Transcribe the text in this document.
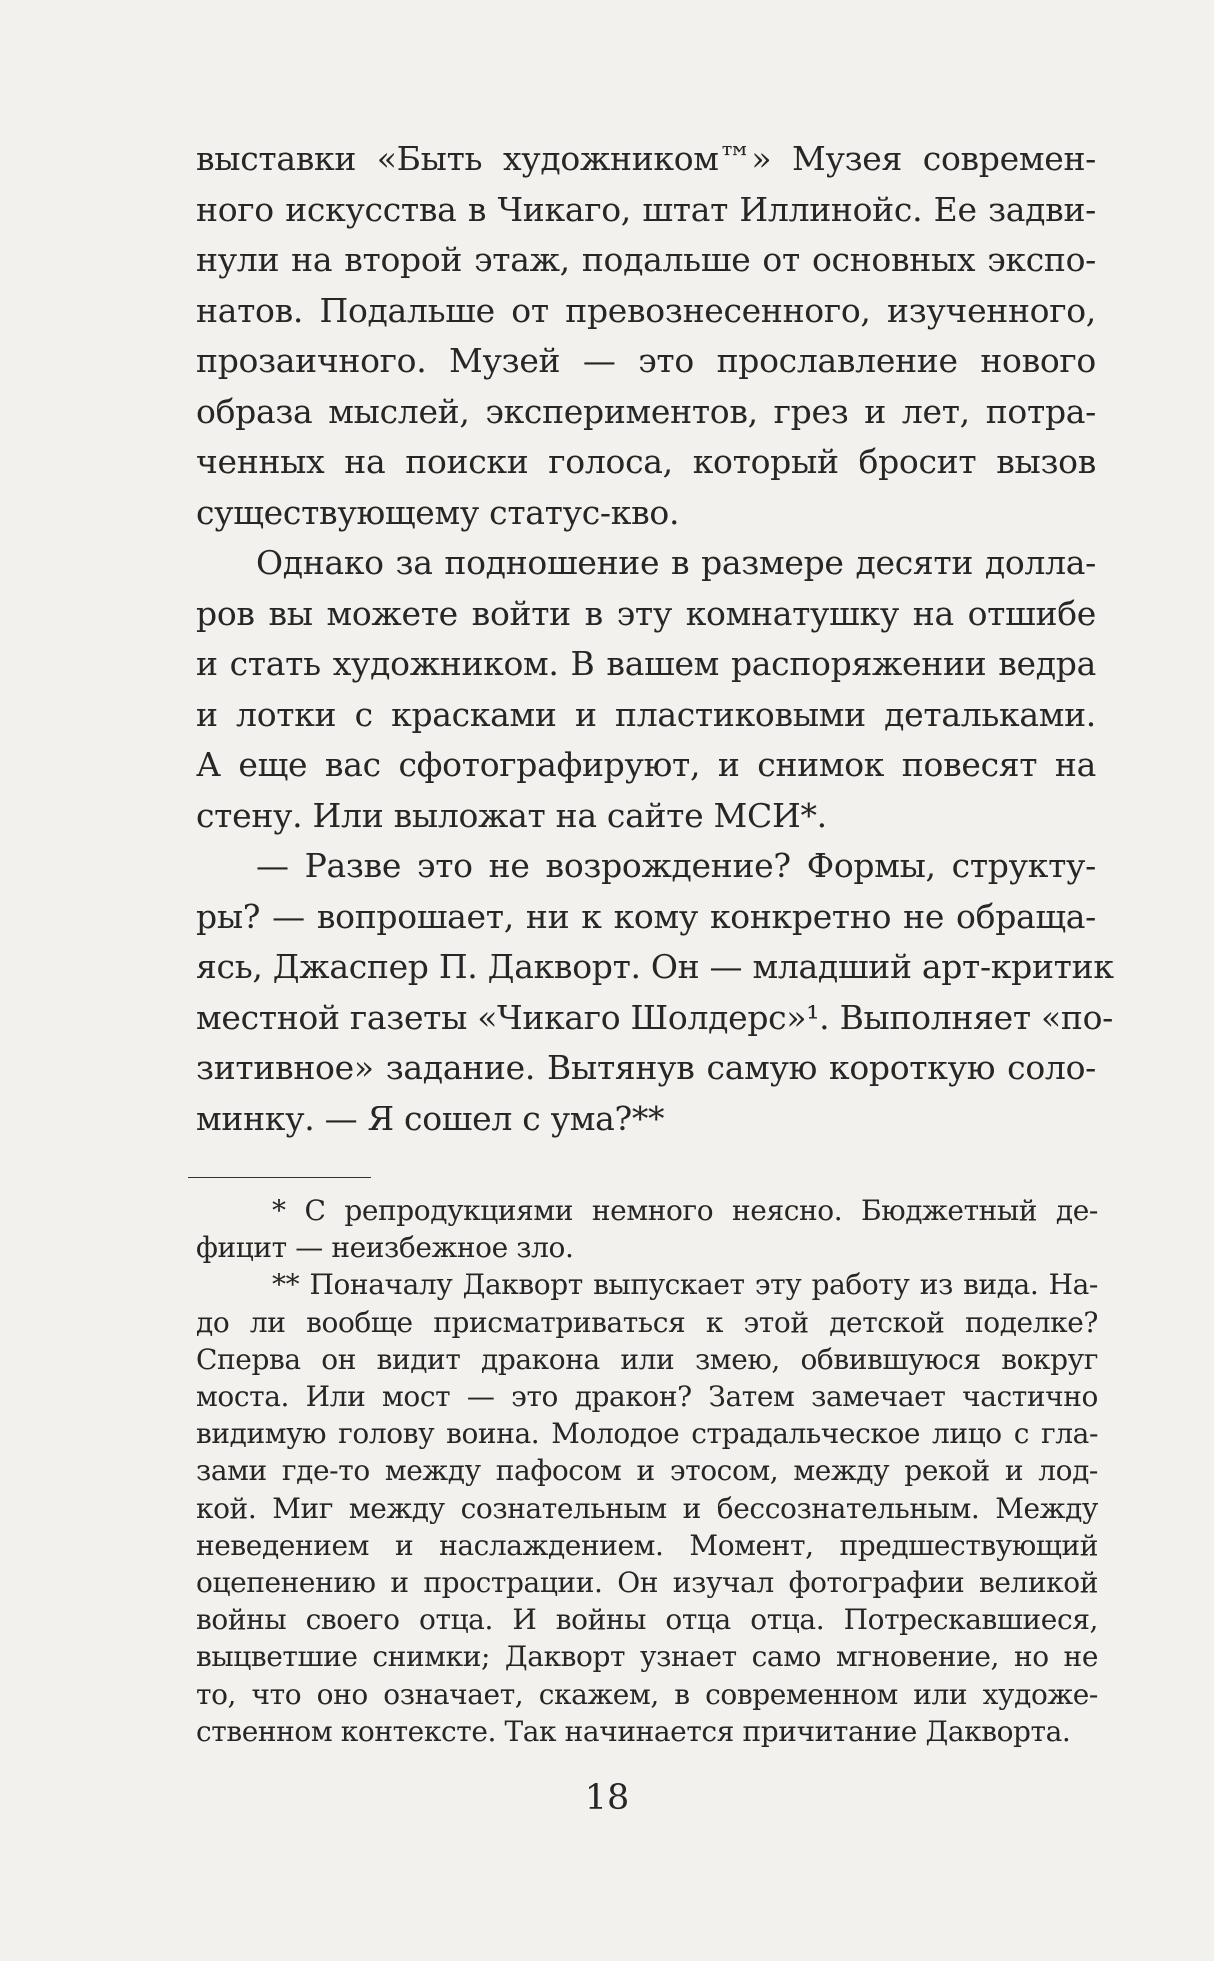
выставки «Быть художником™» Музея современ-
ного искусства в Чикаго, штат Иллинойс. Ее задви-
нули на второй этаж, подальше от основных экспо-
натов. Подальше от превознесенного, изученного,
прозаичного. Музей — это прославление нового
образа мыслей, экспериментов, грез и лет, потра-
ченных на поиски голоса, который бросит вызов
существующему статус-кво.
Однако за подношение в размере десяти долла-
ров вы можете войти в эту комнатушку на отшибе
и стать художником. В вашем распоряжении ведра
и лотки с красками и пластиковыми детальками.
А еще вас сфотографируют, и снимок повесят на
стену. Или выложат на сайте МСИ*.
— Разве это не возрождение? Формы, структу-
ры? — вопрошает, ни к кому конкретно не обраща-
ясь, Джаспер П. Дакворт. Он — младший арт-критик
местной газеты «Чикаго Шолдерс»¹. Выполняет «по-
зитивное» задание. Вытянув самую короткую соло-
минку. — Я сошел с ума?**
* С репродукциями немного неясно. Бюджетный де-
фицит — неизбежное зло.
** Поначалу Дакворт выпускает эту работу из вида. На-
до ли вообще присматриваться к этой детской поделке?
Сперва он видит дракона или змею, обвившуюся вокруг
моста. Или мост — это дракон? Затем замечает частично
видимую голову воина. Молодое страдальческое лицо с гла-
зами где-то между пафосом и этосом, между рекой и лод-
кой. Миг между сознательным и бессознательным. Между
неведением и наслаждением. Момент, предшествующий
оцепенению и прострации. Он изучал фотографии великой
войны своего отца. И войны отца отца. Потрескавшиеся,
выцветшие снимки; Дакворт узнает само мгновение, но не
то, что оно означает, скажем, в современном или художе-
ственном контексте. Так начинается причитание Дакворта.
18
